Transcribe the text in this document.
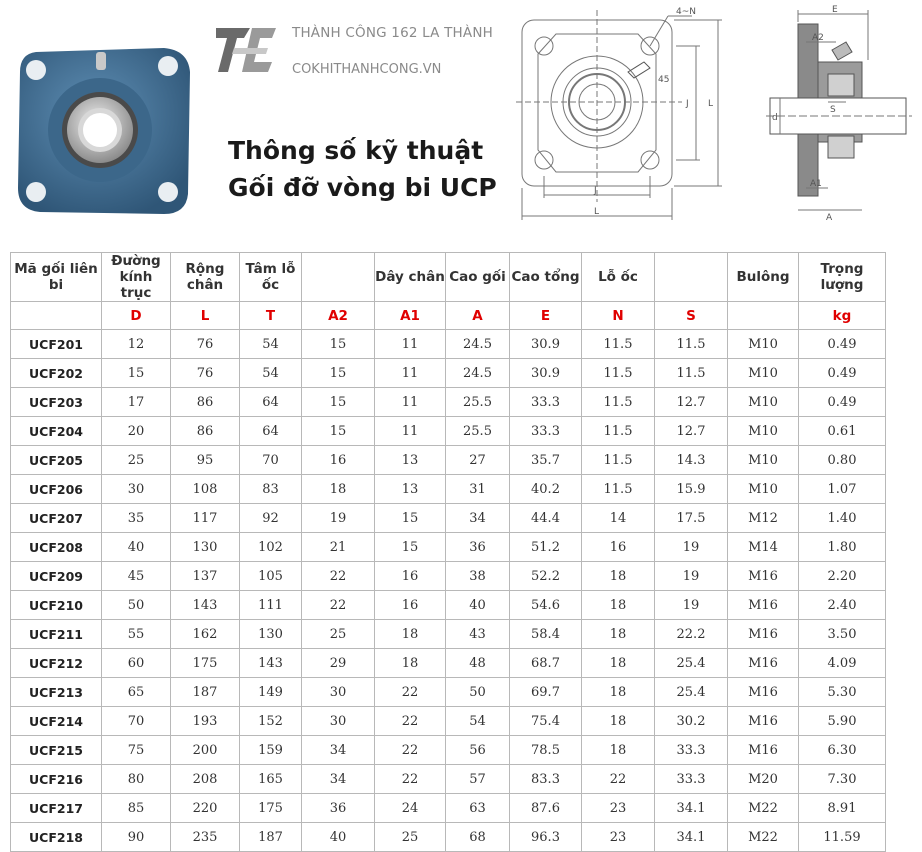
THÀNH CÔNG 162 LA THÀNH
COKHITHANHCONG.VN
Thông số kỹ thuật
Gối đỡ vòng bi UCP
4~N
45
J
L
J L
E
A2
A1
A
S
d
Mã gối liên bi	Đường kính trục	Rộng chân	Tâm lỗ ốc		Dây chân	Cao gối	Cao tổng	Lỗ ốc		Bulông	Trọng lượng
	D	L	T	A2	A1	A	E	N	S		kg
UCF201	12	76	54	15	11	24.5	30.9	11.5	11.5	M10	0.49
UCF202	15	76	54	15	11	24.5	30.9	11.5	11.5	M10	0.49
UCF203	17	86	64	15	11	25.5	33.3	11.5	12.7	M10	0.49
UCF204	20	86	64	15	11	25.5	33.3	11.5	12.7	M10	0.61
UCF205	25	95	70	16	13	27	35.7	11.5	14.3	M10	0.80
UCF206	30	108	83	18	13	31	40.2	11.5	15.9	M10	1.07
UCF207	35	117	92	19	15	34	44.4	14	17.5	M12	1.40
UCF208	40	130	102	21	15	36	51.2	16	19	M14	1.80
UCF209	45	137	105	22	16	38	52.2	18	19	M16	2.20
UCF210	50	143	111	22	16	40	54.6	18	19	M16	2.40
UCF211	55	162	130	25	18	43	58.4	18	22.2	M16	3.50
UCF212	60	175	143	29	18	48	68.7	18	25.4	M16	4.09
UCF213	65	187	149	30	22	50	69.7	18	25.4	M16	5.30
UCF214	70	193	152	30	22	54	75.4	18	30.2	M16	5.90
UCF215	75	200	159	34	22	56	78.5	18	33.3	M16	6.30
UCF216	80	208	165	34	22	57	83.3	22	33.3	M20	7.30
UCF217	85	220	175	36	24	63	87.6	23	34.1	M22	8.91
UCF218	90	235	187	40	25	68	96.3	23	34.1	M22	11.59
